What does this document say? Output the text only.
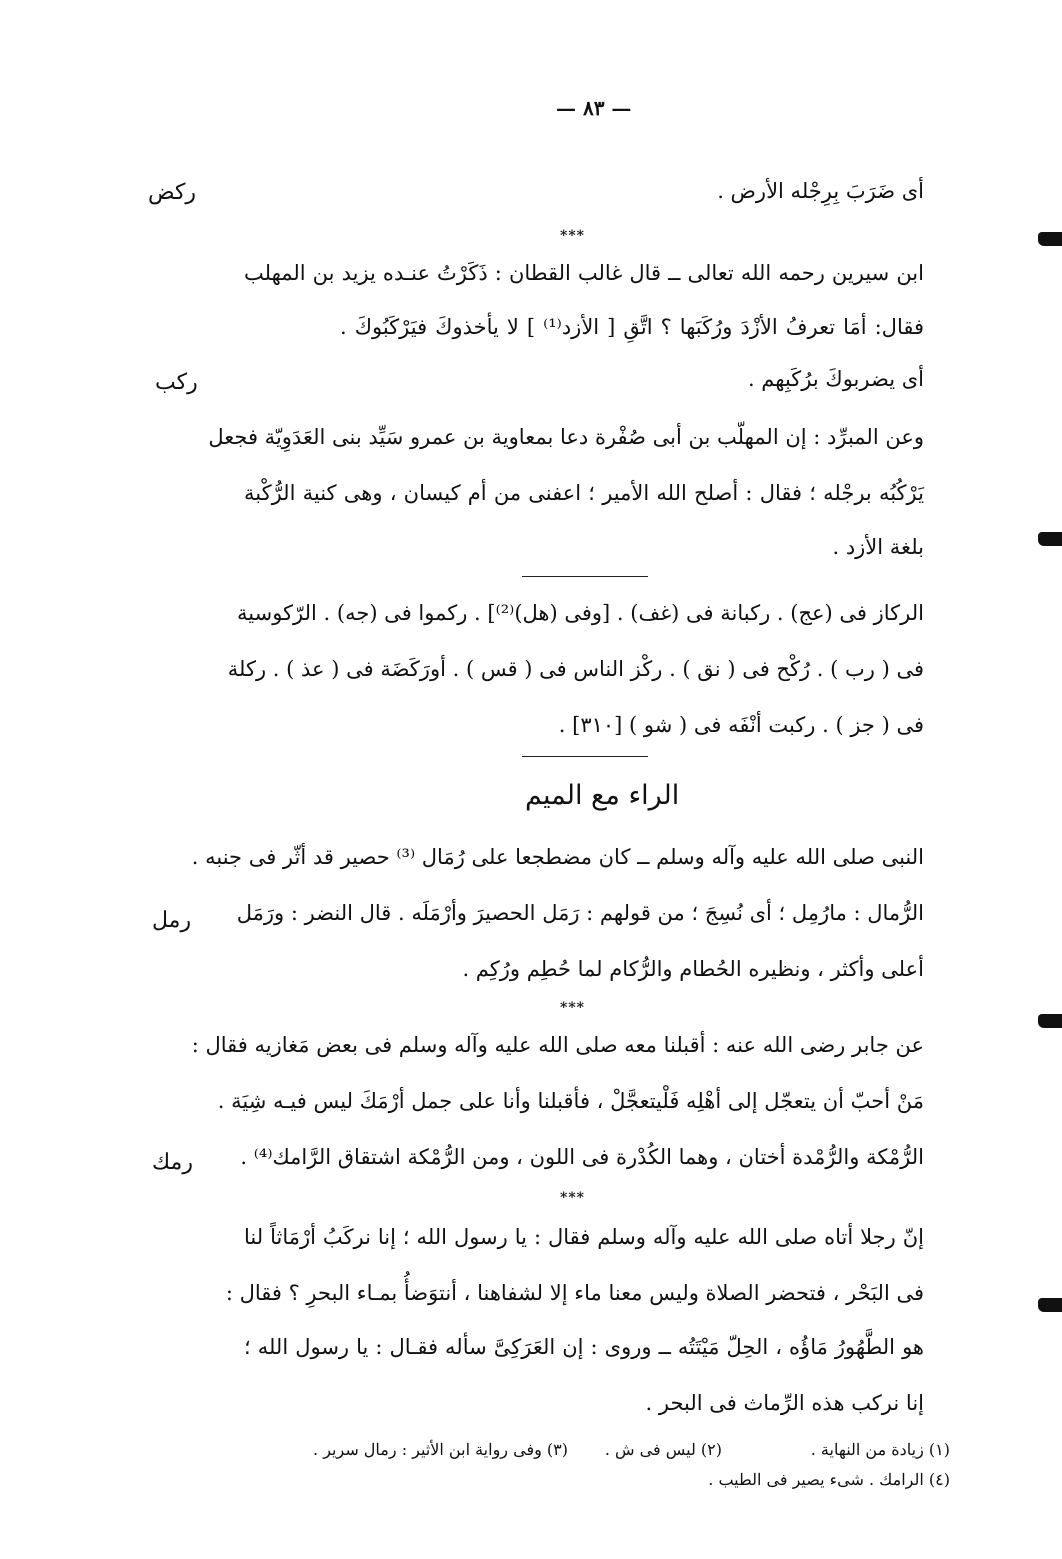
— ٨٣ —
ركض
ركب
رمل
رمك
أى ضَرَبَ بِرِجْله الأرض .
***
ابن سيرين رحمه الله تعالى ــ قال غالب القطان : ذَكَرْتُ عنـده يزيد بن المهلب
فقال: أمَا تعرفُ الأزْدَ ورُكَبَها ؟ اتَّقِ [ الأزد⁽¹⁾ ] لا يأخذوكَ فيَرْكَبُوكَ .
أى يضربوكَ برُكَبِهم .
وعن المبرِّد : إن المهلّب بن أبى صُفْرة دعا بمعاوية بن عمرو سَيِّد بنى العَدَوِيّة فجعل
يَرْكُبُه برجْله ؛ فقال : أصلح الله الأمير ؛ اعفنى من أم كيسان ، وهى كنية الرُّكْبة
بلغة الأزد .
الركاز فى (عج) . ركبانة فى (غف) . [وفى (هل)⁽²⁾] . ركموا فى (جه) . الرّكوسية
فى ( رب ) . رُكْح فى ( نق ) . ركْز الناس فى ( قس ) . أورَكَضَة فى ( عذ ) . ركلة
فى ( جز ) . ركبت أنْفَه فى ( شو ) [٣١٠] .
الراء مع الميم
النبى صلى الله عليه وآله وسلم ــ كان مضطجعا على رُمَال ⁽³⁾ حصير قد أثّر فى جنبه .
الرُّمال : مارُمِل ؛ أى نُسِجَ ؛ من قولهم : رَمَل الحصيرَ وأرْمَلَه . قال النضر : ورَمَل
أعلى وأكثر ، ونظيره الحُطام والرُّكام لما حُطِم ورُكِم .
***
عن جابر رضى الله عنه : أقبلنا معه صلى الله عليه وآله وسلم فى بعض مَغازيه فقال :
مَنْ أحبّ أن يتعجّل إلى أهْلِه فَلْيتعجَّلْ ، فأقبلنا وأنا على جمل أرْمَكَ ليس فيـه شِيَة .
الرُّمْكة والرُّمْدة أختان ، وهما الكُدْرة فى اللون ، ومن الرُّمْكة اشتقاق الرَّامك⁽⁴⁾ .
***
إنّ رجلا أتاه صلى الله عليه وآله وسلم فقال : يا رسول الله ؛ إنا نركَبُ أرْمَاثاً لنا
فى البَحْر ، فتحضر الصلاة وليس معنا ماء إلا لشفاهنا ، أنتوَضأُ بمـاء البحرِ ؟ فقال :
هو الطَّهُورُ مَاؤُه ، الحِلّ مَيْتَتُه ــ وروى : إن العَرَكِىَّ سأله فقـال : يا رسول الله ؛
إنا نركب هذه الرِّماث فى البحر .
(١) زيادة من النهاية .
(٢) ليس فى ش .
(٣) وفى رواية ابن الأثير : رمال سرير .
(٤) الرامك . شىء يصير فى الطيب .
